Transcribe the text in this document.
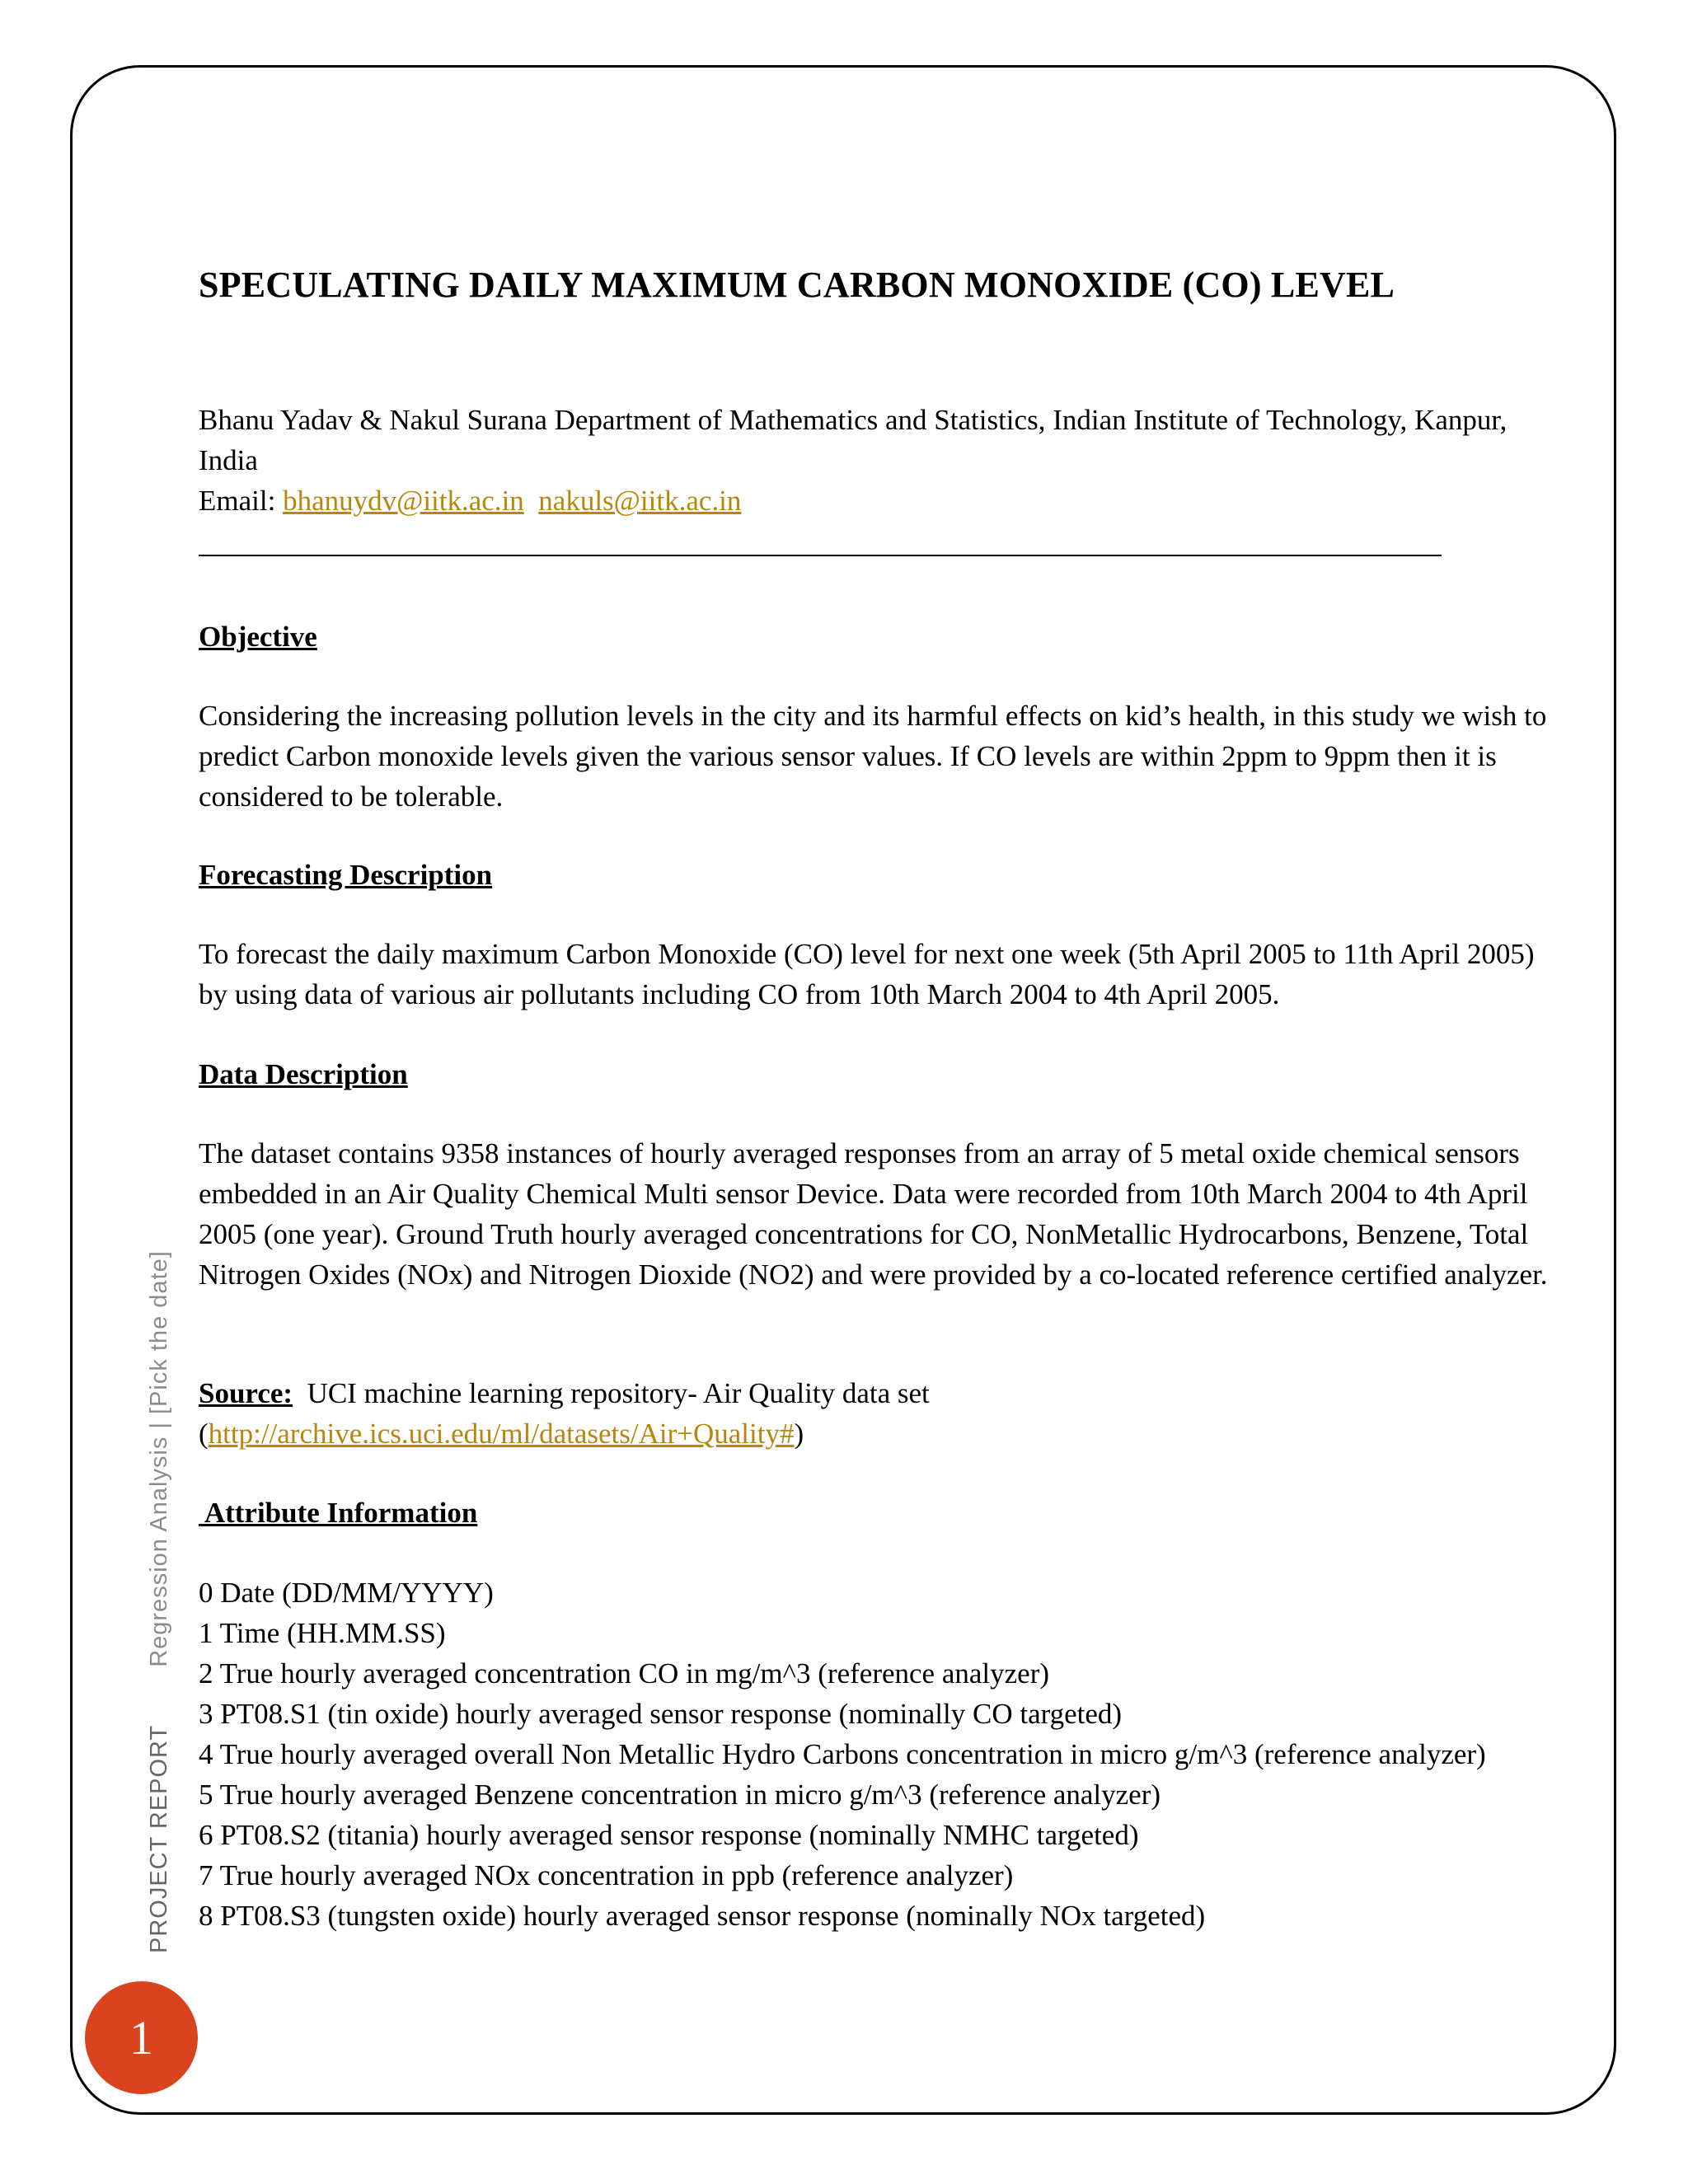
SPECULATING DAILY MAXIMUM CARBON MONOXIDE (CO) LEVEL
Bhanu Yadav & Nakul Surana Department of Mathematics and Statistics, Indian Institute of Technology, Kanpur, India
Email: bhanuydv@iitk.ac.in nakuls@iitk.ac.in

Objective

Considering the increasing pollution levels in the city and its harmful effects on kid’s health, in this study we wish to predict Carbon monoxide levels given the various sensor values. If CO levels are within 2ppm to 9ppm then it is considered to be tolerable.

Forecasting Description

To forecast the daily maximum Carbon Monoxide (CO) level for next one week (5th April 2005 to 11th April 2005) by using data of various air pollutants including CO from 10th March 2004 to 4th April 2005.

Data Description

The dataset contains 9358 instances of hourly averaged responses from an array of 5 metal oxide chemical sensors embedded in an Air Quality Chemical Multi sensor Device. Data were recorded from 10th March 2004 to 4th April 2005 (one year). Ground Truth hourly averaged concentrations for CO, NonMetallic Hydrocarbons, Benzene, Total Nitrogen Oxides (NOx) and Nitrogen Dioxide (NO2) and were provided by a co-located reference certified analyzer.

Source:  UCI machine learning repository- Air Quality data set
(http://archive.ics.uci.edu/ml/datasets/Air+Quality#)

Attribute Information

0 Date (DD/MM/YYYY)
1 Time (HH.MM.SS)
2 True hourly averaged concentration CO in mg/m^3 (reference analyzer)
3 PT08.S1 (tin oxide) hourly averaged sensor response (nominally CO targeted)
4 True hourly averaged overall Non Metallic Hydro Carbons concentration in micro g/m^3 (reference analyzer)
5 True hourly averaged Benzene concentration in micro g/m^3 (reference analyzer)
6 PT08.S2 (titania) hourly averaged sensor response (nominally NMHC targeted)
7 True hourly averaged NOx concentration in ppb (reference analyzer)
8 PT08.S3 (tungsten oxide) hourly averaged sensor response (nominally NOx targeted)
PROJECT REPORTRegression Analysis | [Pick the date]
1
